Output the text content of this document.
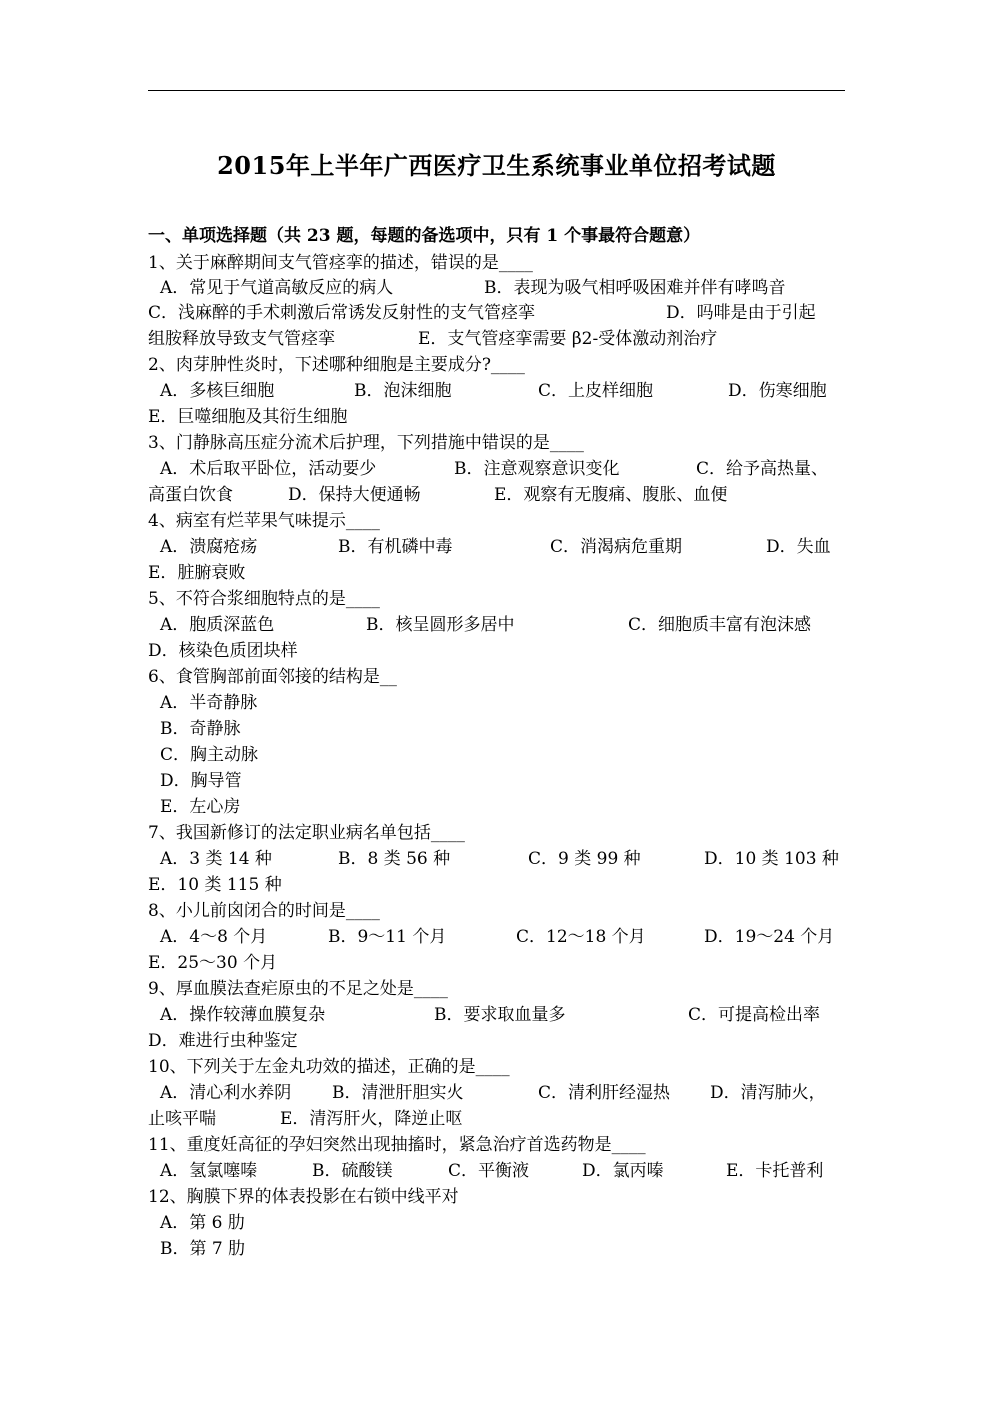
2015年上半年广西医疗卫生系统事业单位招考试题
一、单项选择题（共 23 题，每题的备选项中，只有 1 个事最符合题意）
1、关于麻醉期间支气管痉挛的描述，错误的是____
A．常见于气道高敏反应的病人	B．表现为吸气相呼吸困难并伴有哮鸣音
C．浅麻醉的手术刺激后常诱发反射性的支气管痉挛	D．吗啡是由于引起
组胺释放导致支气管痉挛	E．支气管痉挛需要 β2-受体激动剂治疗
2、肉芽肿性炎时，下述哪种细胞是主要成分?____
A．多核巨细胞	B．泡沫细胞	C．上皮样细胞	D．伤寒细胞
E．巨噬细胞及其衍生细胞
3、门静脉高压症分流术后护理，下列措施中错误的是____
A．术后取平卧位，活动要少	B．注意观察意识变化	C．给予高热量、
高蛋白饮食	D．保持大便通畅	E．观察有无腹痛、腹胀、血便
4、病室有烂苹果气味提示____
A．溃腐疮疡	B．有机磷中毒	C．消渴病危重期	D．失血
E．脏腑衰败
5、不符合浆细胞特点的是____
A．胞质深蓝色	B．核呈圆形多居中	C．细胞质丰富有泡沫感
D．核染色质团块样
6、食管胸部前面邻接的结构是__
A．半奇静脉
B．奇静脉
C．胸主动脉
D．胸导管
E．左心房
7、我国新修订的法定职业病名单包括____
A．3 类 14 种	B．8 类 56 种	C．9 类 99 种	D．10 类 103 种
E．10 类 115 种
8、小儿前囟闭合的时间是____
A．4～8 个月	B．9～11 个月	C．12～18 个月	D．19～24 个月
E．25～30 个月
9、厚血膜法查疟原虫的不足之处是____
A．操作较薄血膜复杂	B．要求取血量多	C．可提高检出率
D．难进行虫种鉴定
10、下列关于左金丸功效的描述，正确的是____
A．清心利水养阴 B．清泄肝胆实火	C．清利肝经湿热 D．清泻肺火，
止咳平喘	E．清泻肝火，降逆止呕
11、重度妊高征的孕妇突然出现抽搐时，紧急治疗首选药物是____
A．氢氯噻嗪	B．硫酸镁	C．平衡液	D．氯丙嗪	E．卡托普利
12、胸膜下界的体表投影在右锁中线平对
A．第 6 肋
B．第 7 肋
